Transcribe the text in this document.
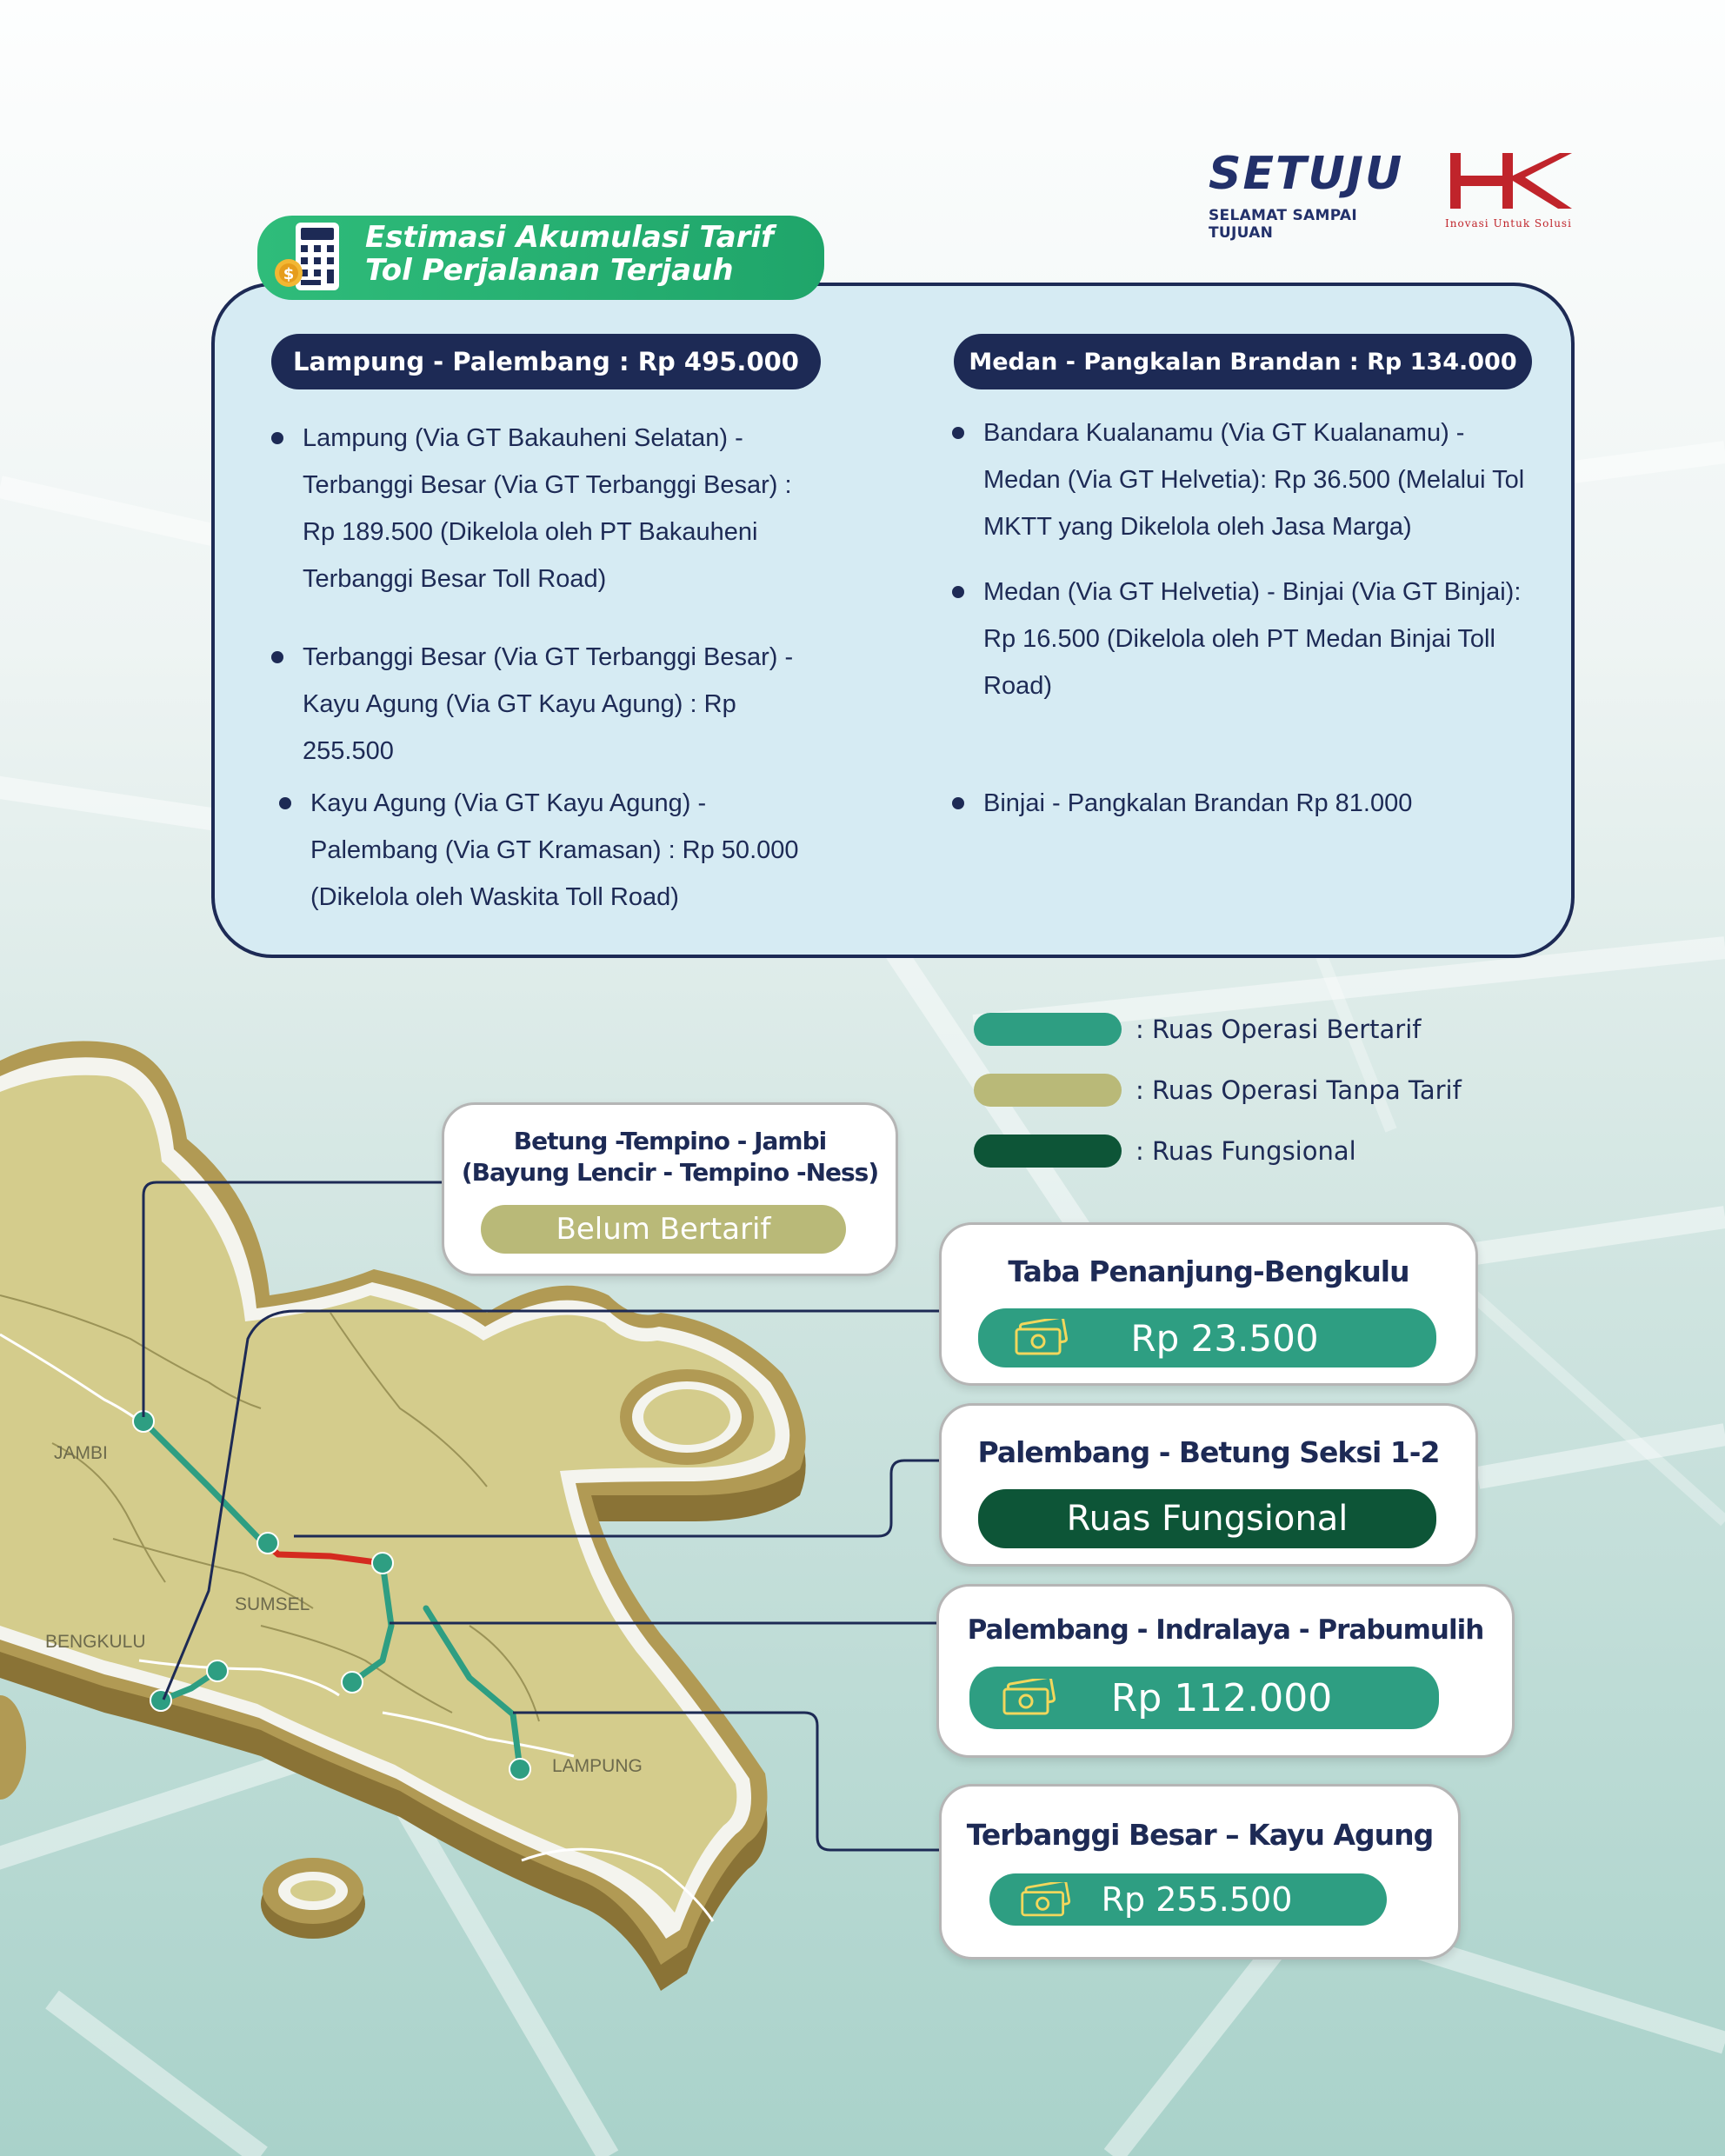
SETUJU
SELAMAT SAMPAI TUJUAN
Inovasi Untuk Solusi
$
Estimasi Akumulasi Tarif
Tol Perjalanan Terjauh
Lampung - Palembang : Rp 495.000	Medan - Pangkalan Brandan : Rp 134.000
Lampung (Via GT Bakauheni Selatan) - Terbanggi Besar (Via GT Terbanggi Besar) : Rp 189.500 (Dikelola oleh PT Bakauheni Terbanggi Besar Toll Road)
Terbanggi Besar (Via GT Terbanggi Besar) - Kayu Agung (Via GT Kayu Agung) : Rp 255.500
Kayu Agung (Via GT Kayu Agung) - Palembang (Via GT Kramasan) : Rp 50.000 (Dikelola oleh Waskita Toll Road)
Bandara Kualanamu (Via GT Kualanamu) - Medan (Via GT Helvetia): Rp 36.500 (Melalui Tol MKTT yang Dikelola oleh Jasa Marga)
Medan (Via GT Helvetia) - Binjai (Via GT Binjai): Rp 16.500 (Dikelola oleh PT Medan Binjai Toll Road)
Binjai - Pangkalan Brandan Rp 81.000
: Ruas Operasi Bertarif
: Ruas Operasi Tanpa Tarif
: Ruas Fungsional
JAMBI
SUMSEL
BENGKULU
LAMPUNG
Betung -Tempino - Jambi
(Bayung Lencir - Tempino -Ness)
Belum Bertarif
Taba Penanjung-Bengkulu
Rp 23.500
Palembang - Betung Seksi 1-2
Ruas Fungsional
Palembang - Indralaya - Prabumulih
Rp 112.000
Terbanggi Besar – Kayu Agung
Rp 255.500
